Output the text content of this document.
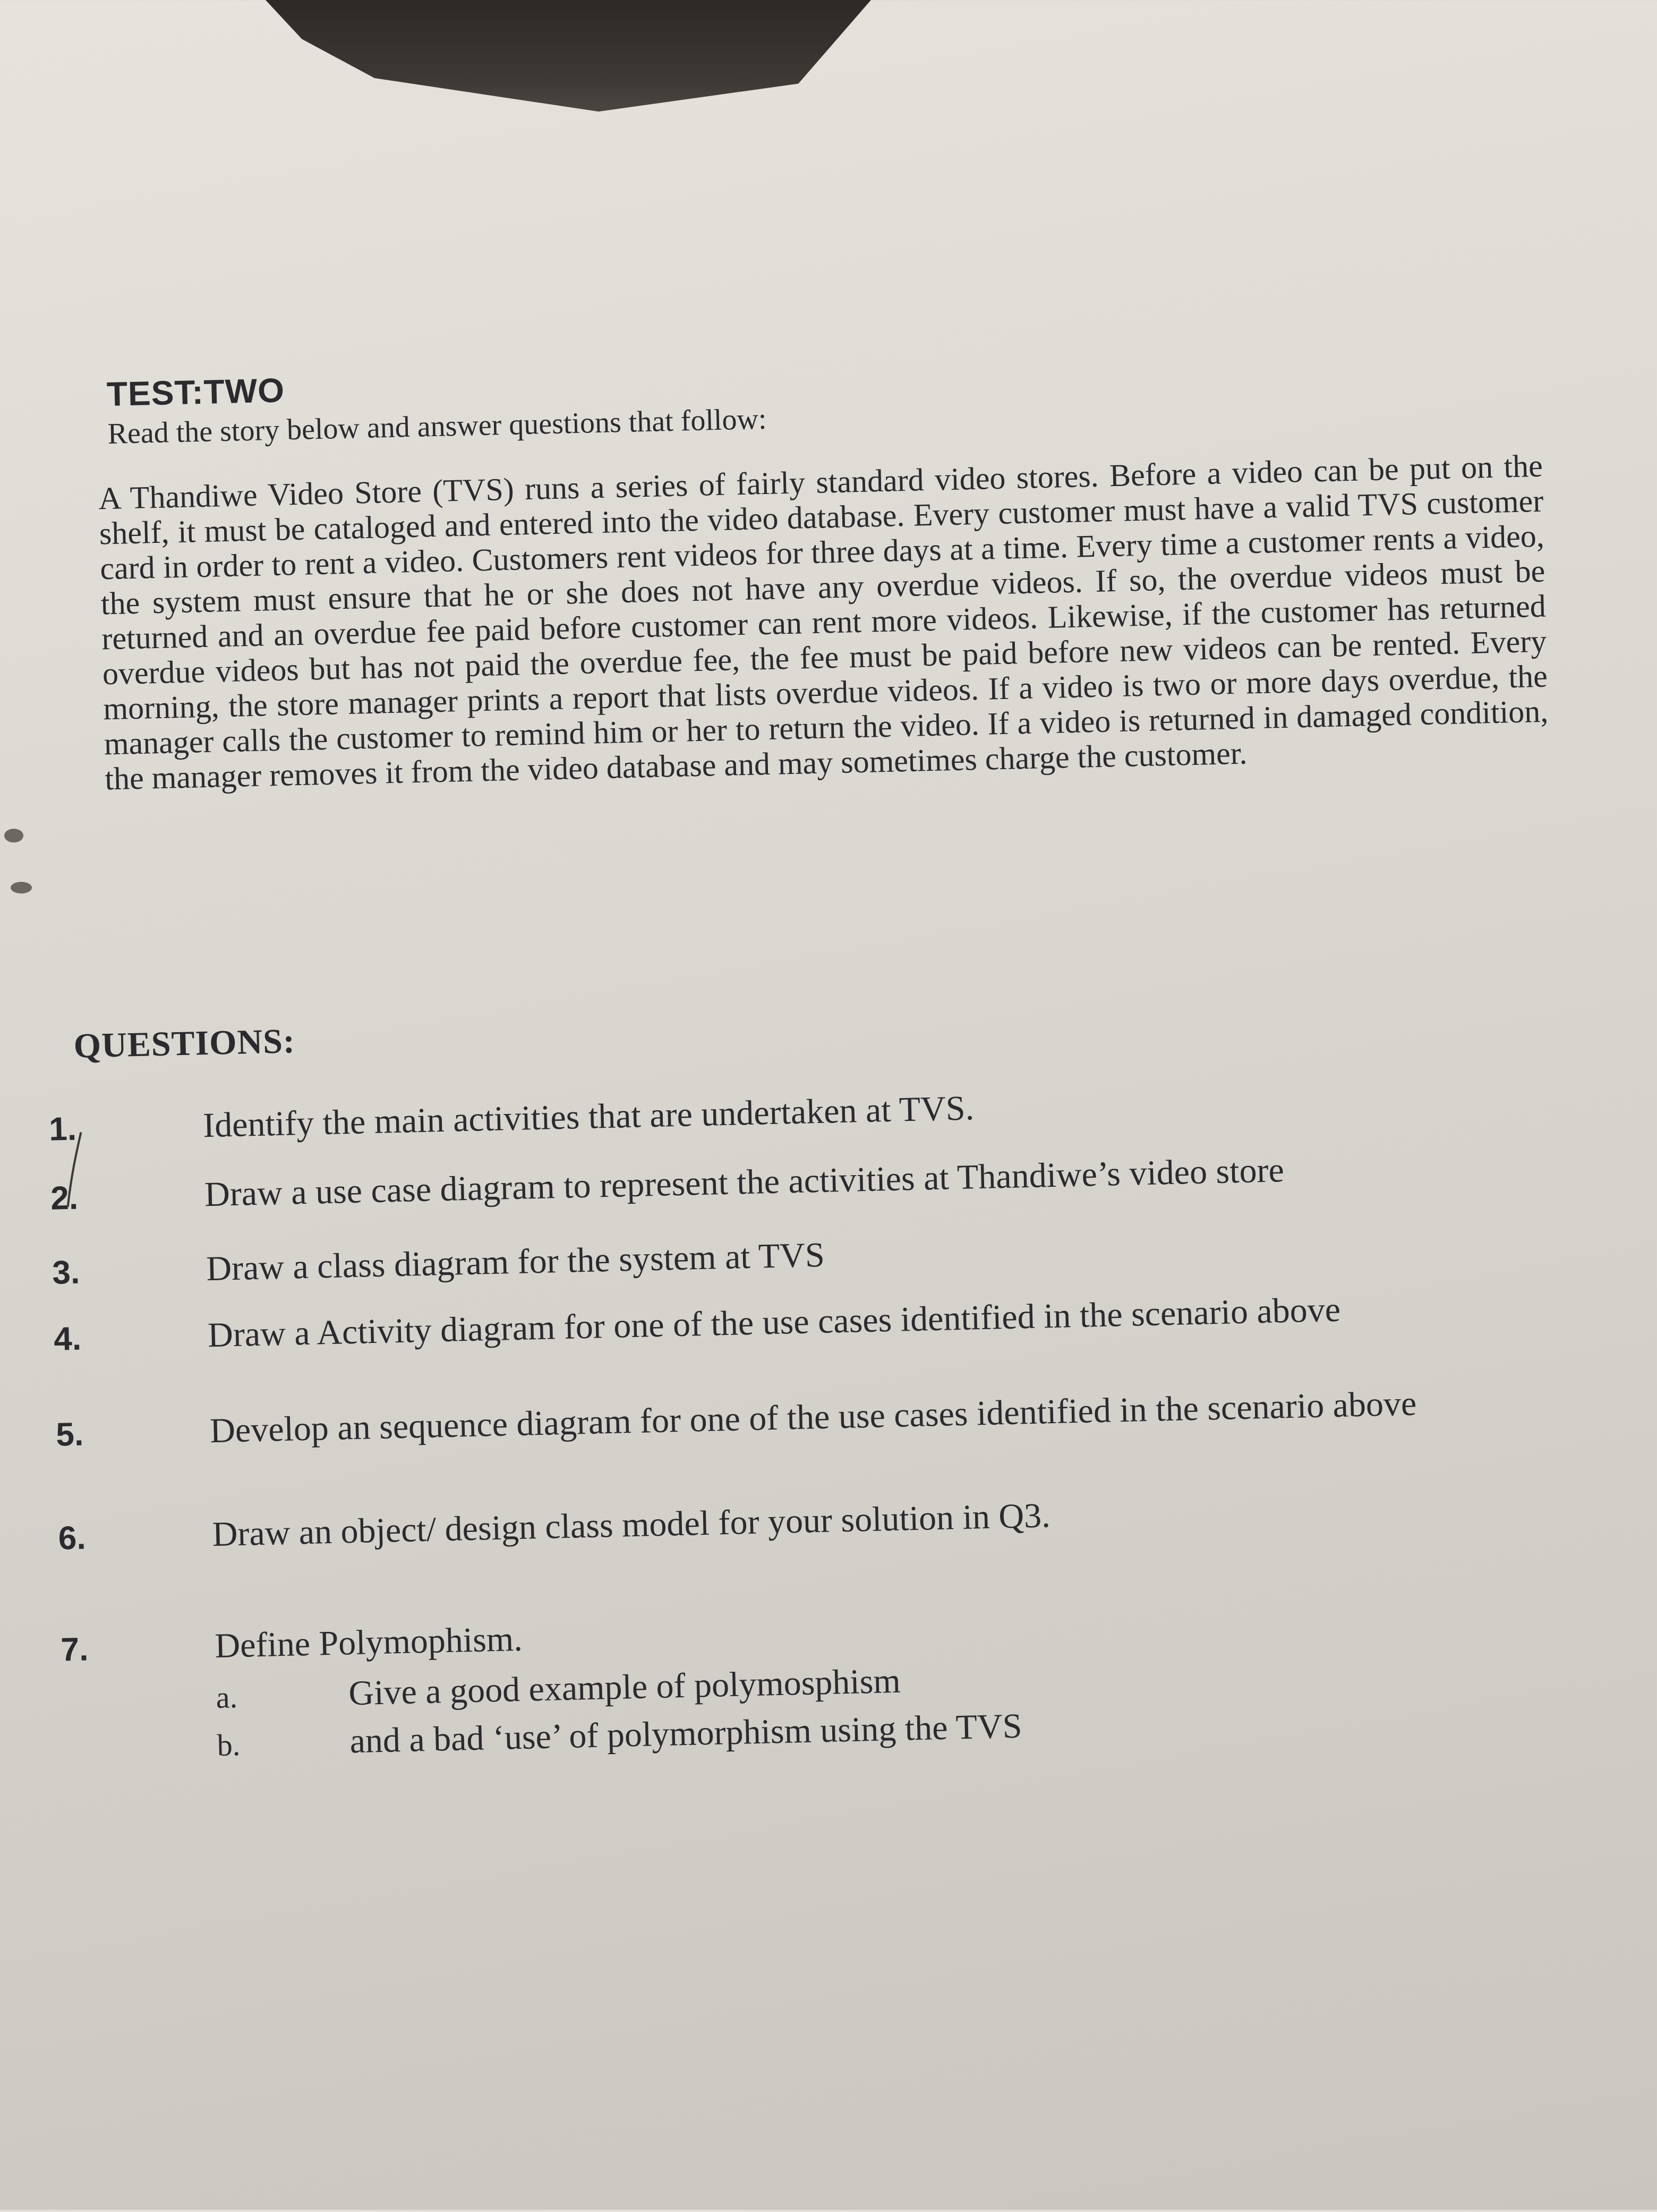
TEST:TWO
Read the story below and answer questions that follow:
A Thandiwe Video Store (TVS) runs a series of fairly standard video stores. Before a video can be put on the shelf, it must be cataloged and entered into the video database. Every customer must have a valid TVS customer card in order to rent a video. Customers rent videos for three days at a time. Every time a customer rents a video, the system must ensure that he or she does not have any overdue videos. If so, the overdue videos must be returned and an overdue fee paid before customer can rent more videos. Likewise, if the customer has returned overdue videos but has not paid the overdue fee, the fee must be paid before new videos can be rented. Every morning, the store manager prints a report that lists overdue videos. If a video is two or more days overdue, the manager calls the customer to remind him or her to return the video. If a video is returned in damaged condition, the manager removes it from the video database and may sometimes charge the customer.
QUESTIONS:
1.	Identify the main activities that are undertaken at TVS.
2.	Draw a use case diagram to represent the activities at Thandiwe’s video store
3.	Draw a class diagram for the system at TVS
4.	Draw a Activity diagram for one of the use cases identified in the scenario above
5.	Develop an sequence diagram for one of the use cases identified in the scenario above
6.	Draw an object/ design class model for your solution in Q3.
7.	Define Polymophism.
a.	Give a good example of polymosphism
b.	and a bad ‘use’ of polymorphism using the TVS
